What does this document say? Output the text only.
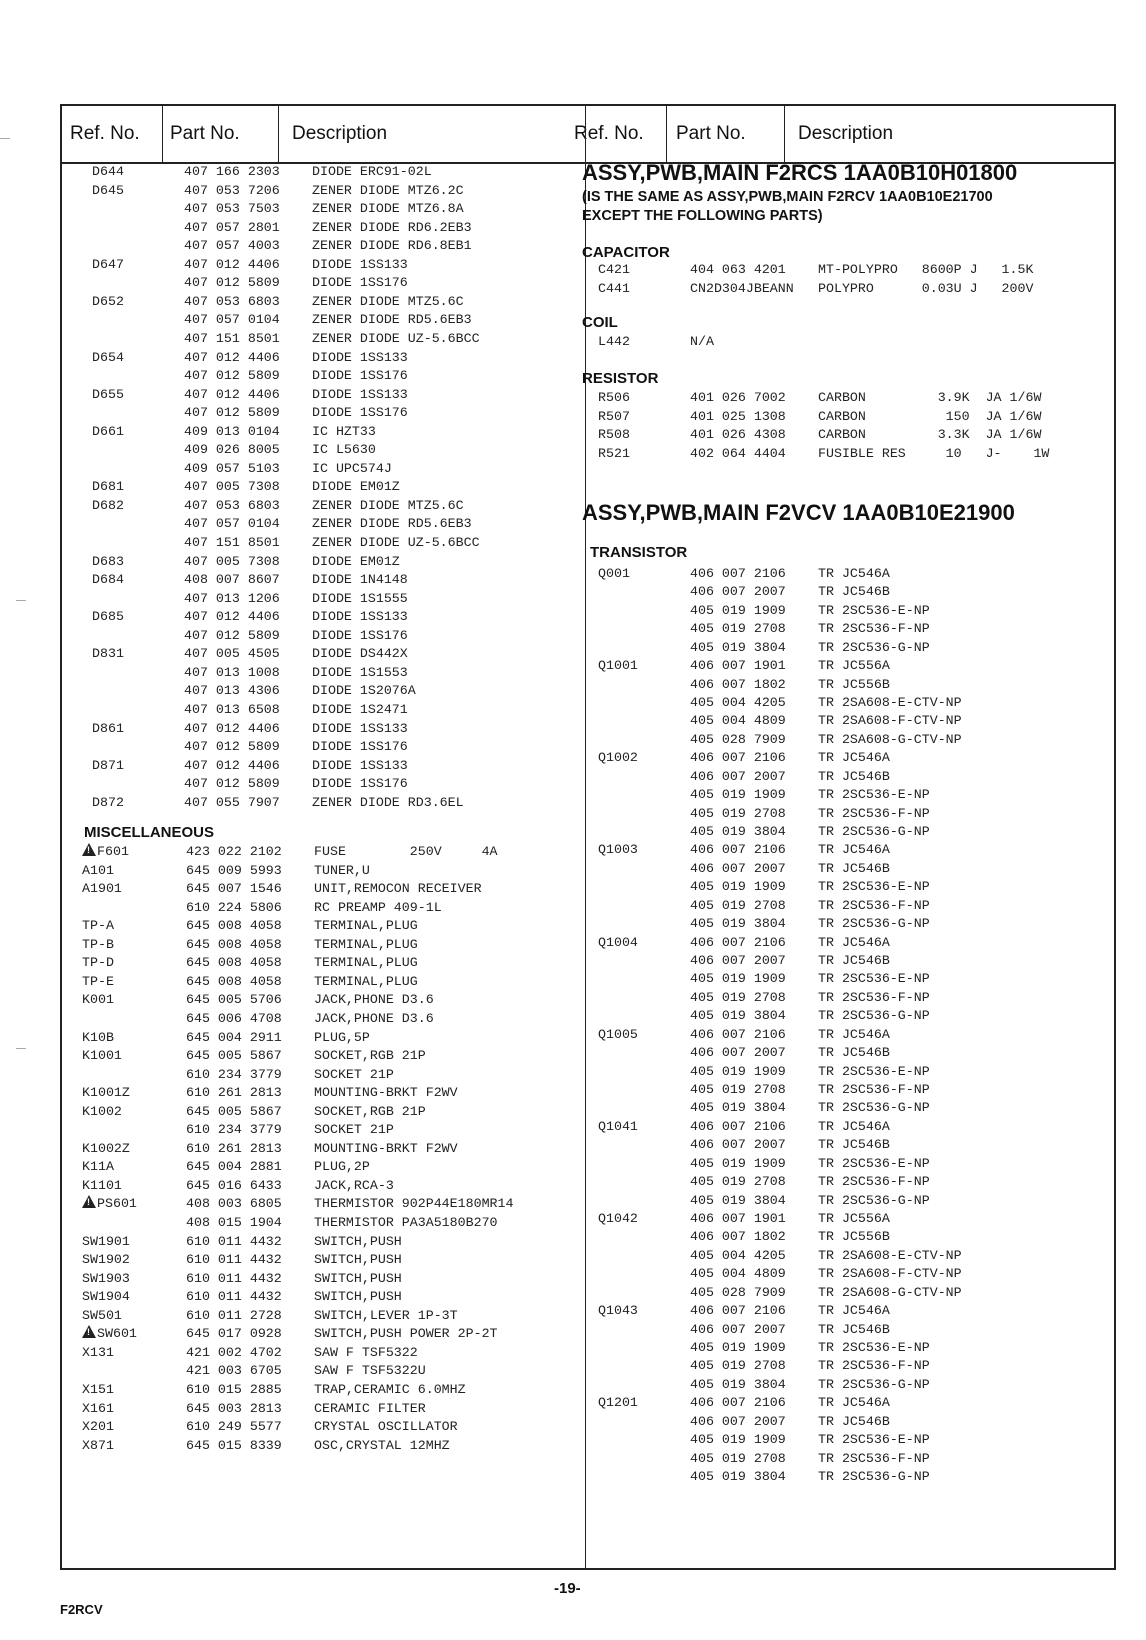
Ref. No.	Part No.	Description	Ref. No.	Part No.	Description
D644	407 166 2303 DIODE ERC91-02L
D645	407 053 7206 ZENER DIODE MTZ6.2C
407 053 7503 ZENER DIODE MTZ6.8A
407 057 2801 ZENER DIODE RD6.2EB3
407 057 4003 ZENER DIODE RD6.8EB1
D647	407 012 4406 DIODE 1SS133
407 012 5809 DIODE 1SS176
D652	407 053 6803 ZENER DIODE MTZ5.6C
407 057 0104 ZENER DIODE RD5.6EB3
407 151 8501 ZENER DIODE UZ-5.6BCC
D654	407 012 4406 DIODE 1SS133
407 012 5809 DIODE 1SS176
D655	407 012 4406 DIODE 1SS133
407 012 5809 DIODE 1SS176
D661	409 013 0104 IC HZT33
409 026 8005 IC L5630
409 057 5103 IC UPC574J
D681	407 005 7308 DIODE EM01Z
D682	407 053 6803 ZENER DIODE MTZ5.6C
407 057 0104 ZENER DIODE RD5.6EB3
407 151 8501 ZENER DIODE UZ-5.6BCC
D683	407 005 7308 DIODE EM01Z
D684	408 007 8607 DIODE 1N4148
407 013 1206 DIODE 1S1555
D685	407 012 4406 DIODE 1SS133
407 012 5809 DIODE 1SS176
D831	407 005 4505 DIODE DS442X
407 013 1008 DIODE 1S1553
407 013 4306 DIODE 1S2076A
407 013 6508 DIODE 1S2471
D861	407 012 4406 DIODE 1SS133
407 012 5809 DIODE 1SS176
D871	407 012 4406 DIODE 1SS133
407 012 5809 DIODE 1SS176
D872	407 055 7907 ZENER DIODE RD3.6EL
MISCELLANEOUS
!F601	423 022 2102 FUSE        250V     4A
A101	645 009 5993 TUNER,U
A1901	645 007 1546 UNIT,REMOCON RECEIVER
610 224 5806 RC PREAMP 409-1L
TP-A	645 008 4058 TERMINAL,PLUG
TP-B	645 008 4058 TERMINAL,PLUG
TP-D	645 008 4058 TERMINAL,PLUG
TP-E	645 008 4058 TERMINAL,PLUG
K001	645 005 5706 JACK,PHONE D3.6
645 006 4708 JACK,PHONE D3.6
K10B	645 004 2911 PLUG,5P
K1001	645 005 5867 SOCKET,RGB 21P
610 234 3779 SOCKET 21P
K1001Z	610 261 2813 MOUNTING-BRKT F2WV
K1002	645 005 5867 SOCKET,RGB 21P
610 234 3779 SOCKET 21P
K1002Z	610 261 2813 MOUNTING-BRKT F2WV
K11A	645 004 2881 PLUG,2P
K1101	645 016 6433 JACK,RCA-3
!PS601	408 003 6805 THERMISTOR 902P44E180MR14
408 015 1904 THERMISTOR PA3A5180B270
SW1901	610 011 4432 SWITCH,PUSH
SW1902	610 011 4432 SWITCH,PUSH
SW1903	610 011 4432 SWITCH,PUSH
SW1904	610 011 4432 SWITCH,PUSH
SW501	610 011 2728 SWITCH,LEVER 1P-3T
!SW601	645 017 0928 SWITCH,PUSH POWER 2P-2T
X131	421 002 4702 SAW F TSF5322
421 003 6705 SAW F TSF5322U
X151	610 015 2885 TRAP,CERAMIC 6.0MHZ
X161	645 003 2813 CERAMIC FILTER
X201	610 249 5577 CRYSTAL OSCILLATOR
X871	645 015 8339 OSC,CRYSTAL 12MHZ
ASSY,PWB,MAIN F2RCS 1AA0B10H01800
(IS THE SAME AS ASSY,PWB,MAIN F2RCV 1AA0B10E21700
EXCEPT THE FOLLOWING PARTS)
CAPACITOR
C421	404 063 4201 MT-POLYPRO   8600P J   1.5K
C441	CN2D304JBEANN POLYPRO      0.03U J   200V
COIL
L442	N/A
RESISTOR
R506	401 026 7002 CARBON         3.9K  JA 1/6W
R507	401 025 1308 CARBON          150  JA 1/6W
R508	401 026 4308 CARBON         3.3K  JA 1/6W
R521	402 064 4404 FUSIBLE RES     10   J-    1W
ASSY,PWB,MAIN F2VCV 1AA0B10E21900
TRANSISTOR
Q001	406 007 2106 TR JC546A
406 007 2007 TR JC546B
405 019 1909 TR 2SC536-E-NP
405 019 2708 TR 2SC536-F-NP
405 019 3804 TR 2SC536-G-NP
Q1001	406 007 1901 TR JC556A
406 007 1802 TR JC556B
405 004 4205 TR 2SA608-E-CTV-NP
405 004 4809 TR 2SA608-F-CTV-NP
405 028 7909 TR 2SA608-G-CTV-NP
Q1002	406 007 2106 TR JC546A
406 007 2007 TR JC546B
405 019 1909 TR 2SC536-E-NP
405 019 2708 TR 2SC536-F-NP
405 019 3804 TR 2SC536-G-NP
Q1003	406 007 2106 TR JC546A
406 007 2007 TR JC546B
405 019 1909 TR 2SC536-E-NP
405 019 2708 TR 2SC536-F-NP
405 019 3804 TR 2SC536-G-NP
Q1004	406 007 2106 TR JC546A
406 007 2007 TR JC546B
405 019 1909 TR 2SC536-E-NP
405 019 2708 TR 2SC536-F-NP
405 019 3804 TR 2SC536-G-NP
Q1005	406 007 2106 TR JC546A
406 007 2007 TR JC546B
405 019 1909 TR 2SC536-E-NP
405 019 2708 TR 2SC536-F-NP
405 019 3804 TR 2SC536-G-NP
Q1041	406 007 2106 TR JC546A
406 007 2007 TR JC546B
405 019 1909 TR 2SC536-E-NP
405 019 2708 TR 2SC536-F-NP
405 019 3804 TR 2SC536-G-NP
Q1042	406 007 1901 TR JC556A
406 007 1802 TR JC556B
405 004 4205 TR 2SA608-E-CTV-NP
405 004 4809 TR 2SA608-F-CTV-NP
405 028 7909 TR 2SA608-G-CTV-NP
Q1043	406 007 2106 TR JC546A
406 007 2007 TR JC546B
405 019 1909 TR 2SC536-E-NP
405 019 2708 TR 2SC536-F-NP
405 019 3804 TR 2SC536-G-NP
Q1201	406 007 2106 TR JC546A
406 007 2007 TR JC546B
405 019 1909 TR 2SC536-E-NP
405 019 2708 TR 2SC536-F-NP
405 019 3804 TR 2SC536-G-NP
-19-
F2RCV
